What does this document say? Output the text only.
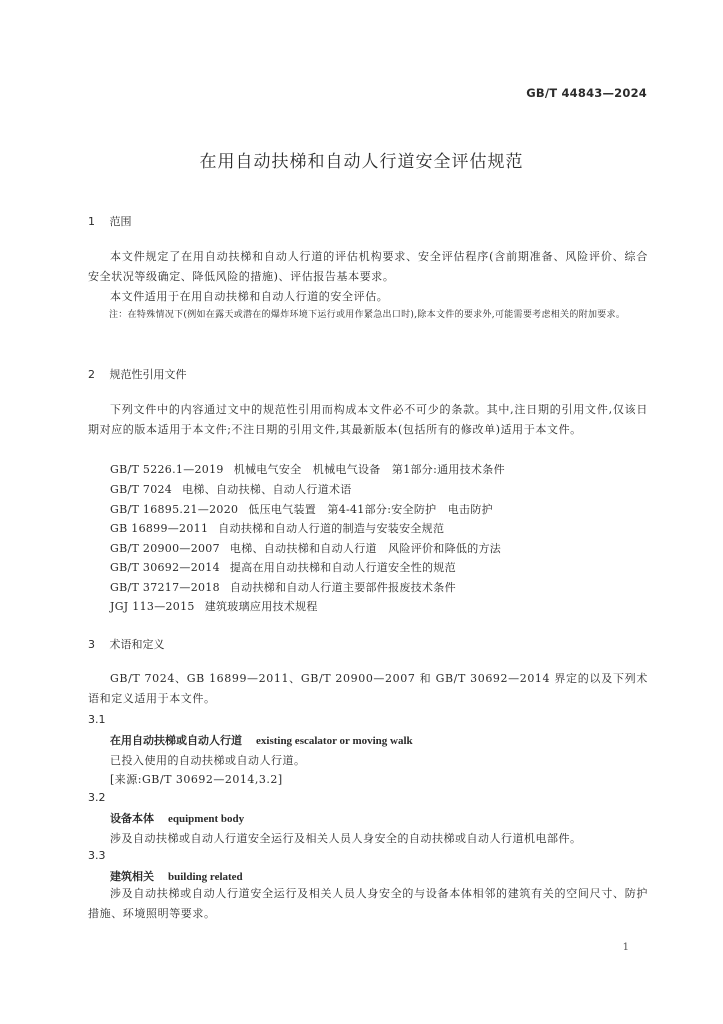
GB/T 44843—2024
在用自动扶梯和自动人行道安全评估规范
1 范围
本文件规定了在用自动扶梯和自动人行道的评估机构要求、安全评估程序(含前期准备、风险评价、综合安全状况等级确定、降低风险的措施)、评估报告基本要求。
本文件适用于在用自动扶梯和自动人行道的安全评估。
注：在特殊情况下(例如在露天或潜在的爆炸环境下运行或用作紧急出口时),除本文件的要求外,可能需要考虑相关的附加要求。
2 规范性引用文件
下列文件中的内容通过文中的规范性引用而构成本文件必不可少的条款。其中,注日期的引用文件,仅该日期对应的版本适用于本文件;不注日期的引用文件,其最新版本(包括所有的修改单)适用于本文件。
GB/T 5226.1—2019 机械电气安全　机械电气设备　第1部分:通用技术条件
GB/T 7024 电梯、自动扶梯、自动人行道术语
GB/T 16895.21—2020 低压电气装置　第4-41部分:安全防护　电击防护
GB 16899—2011 自动扶梯和自动人行道的制造与安装安全规范
GB/T 20900—2007 电梯、自动扶梯和自动人行道　风险评价和降低的方法
GB/T 30692—2014 提高在用自动扶梯和自动人行道安全性的规范
GB/T 37217—2018 自动扶梯和自动人行道主要部件报废技术条件
JGJ 113—2015 建筑玻璃应用技术规程
3 术语和定义
GB/T 7024、GB 16899—2011、GB/T 20900—2007 和 GB/T 30692—2014 界定的以及下列术语和定义适用于本文件。
3.1
在用自动扶梯或自动人行道 existing escalator or moving walk
已投入使用的自动扶梯或自动人行道。
[来源:GB/T 30692—2014,3.2]
3.2
设备本体 equipment body
涉及自动扶梯或自动人行道安全运行及相关人员人身安全的自动扶梯或自动人行道机电部件。
3.3
建筑相关 building related
涉及自动扶梯或自动人行道安全运行及相关人员人身安全的与设备本体相邻的建筑有关的空间尺寸、防护措施、环境照明等要求。
1
